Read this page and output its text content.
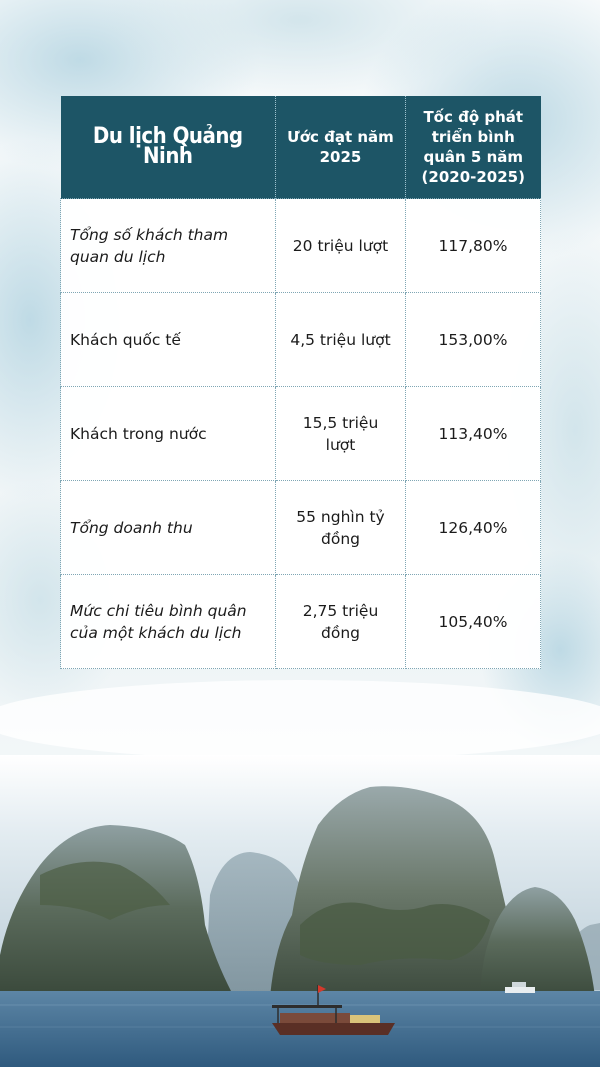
Du lịch Quảng Ninh	Ước đạt năm 2025	Tốc độ phát triển bình quân 5 năm (2020-2025)
Tổng số khách tham quan du lịch	20 triệu lượt	117,80%
Khách quốc tế	4,5 triệu lượt	153,00%
Khách trong nước	15,5 triệu lượt	113,40%
Tổng doanh thu	55 nghìn tỷ đồng	126,40%
Mức chi tiêu bình quân của một khách du lịch	2,75 triệu đồng	105,40%
